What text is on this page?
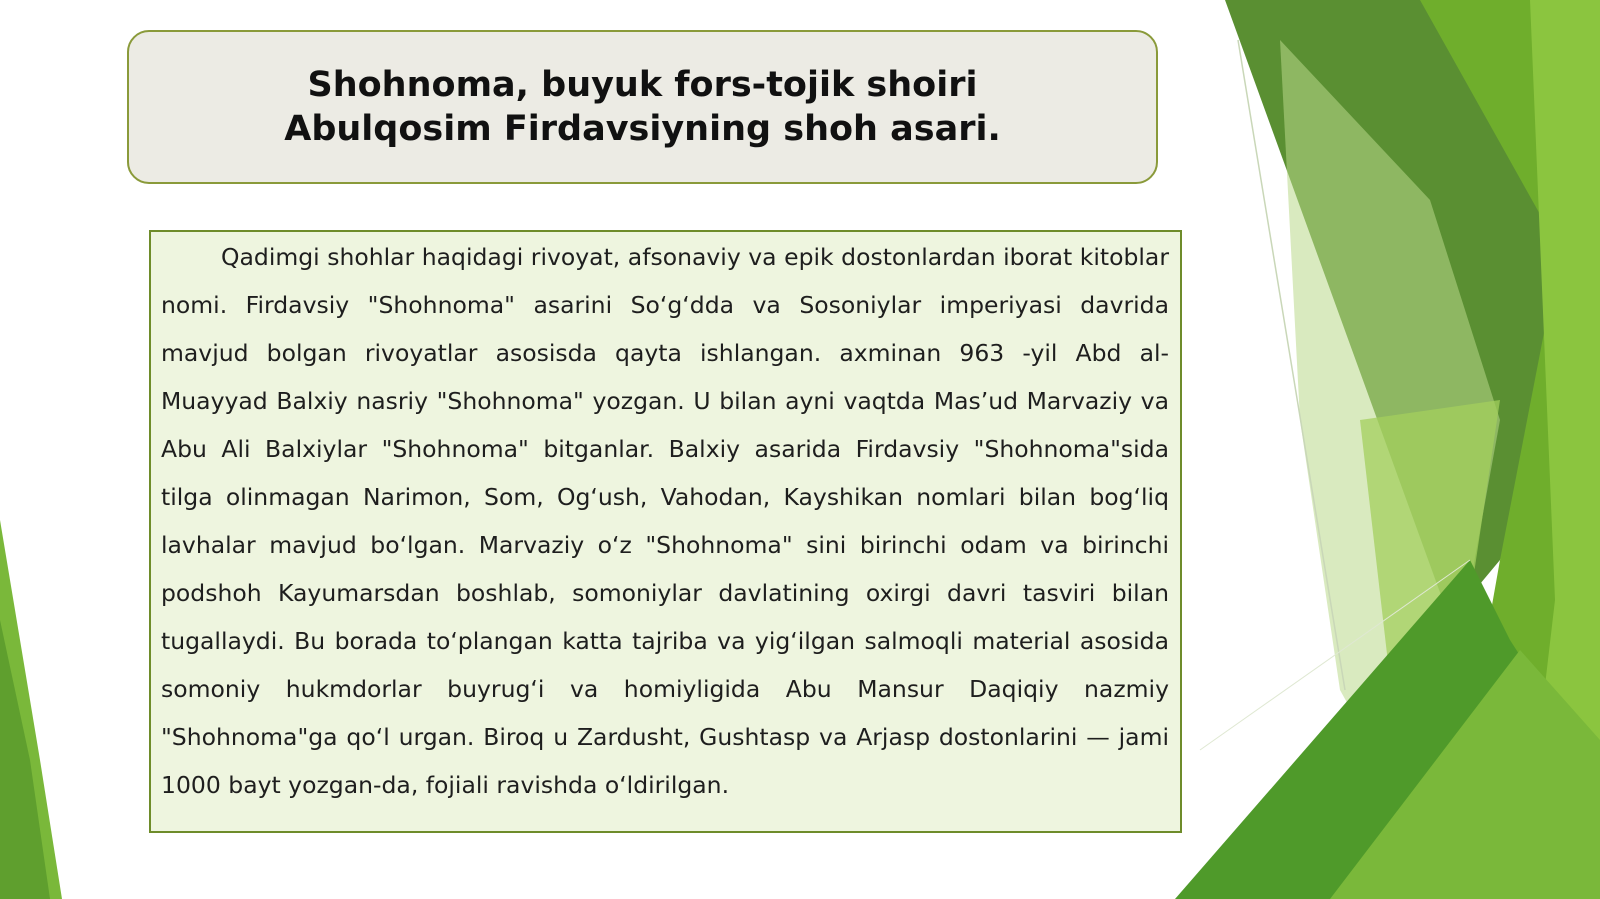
Shohnoma, buyuk fors-tojik shoiri Abulqosim Firdavsiyning shoh asari.

Qadimgi shohlar haqidagi rivoyat, afsonaviy va epik dostonlardan iborat kitoblar nomi. Firdavsiy "Shohnoma" asarini So‘g‘dda va Sosoniylar imperiyasi davrida mavjud bolgan rivoyatlar asosisda qayta ishlangan. axminan 963 -yil Abd al-Muayyad Balxiy nasriy "Shohnoma" yozgan. U bilan ayni vaqtda Mas’ud Marvaziy va Abu Ali Balxiylar "Shohnoma" bitganlar. Balxiy asarida Firdavsiy "Shohnoma"sida tilga olinmagan Narimon, Som, Og‘ush, Vahodan, Kayshikan nomlari bilan bog‘liq lavhalar mavjud bo‘lgan. Marvaziy o‘z "Shohnoma" sini birinchi odam va birinchi podshoh Kayumarsdan boshlab, somoniylar davlatining oxirgi davri tasviri bilan tugallaydi. Bu borada to‘plangan katta tajriba va yig‘ilgan salmoqli material asosida somoniy hukmdorlar buyrug‘i va homiyligida Abu Mansur Daqiqiy nazmiy "Shohnoma"ga qo‘l urgan. Biroq u Zardusht, Gushtasp va Arjasp dostonlarini — jami 1000 bayt yozgan-da, fojiali ravishda o‘ldirilgan.
